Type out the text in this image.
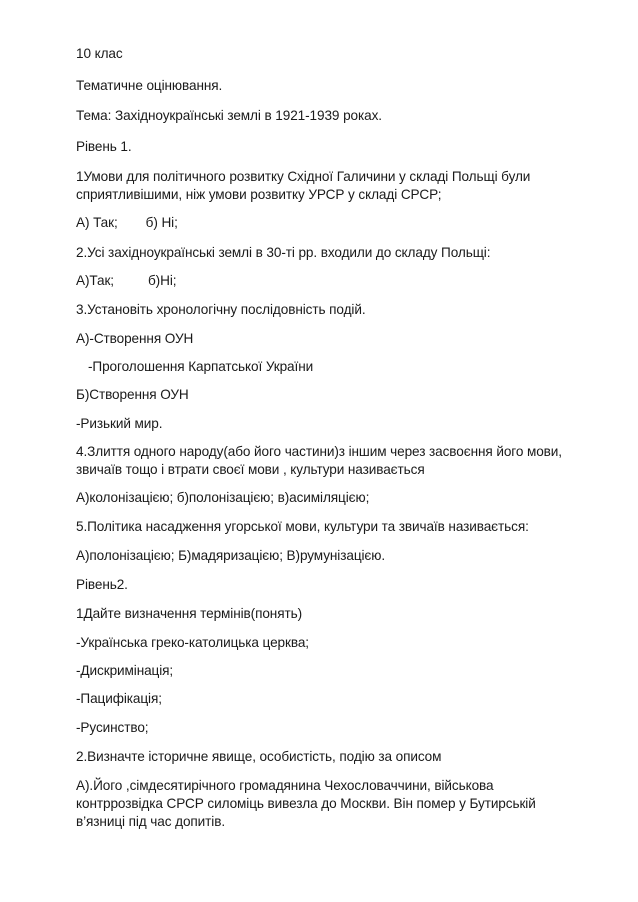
10 клас
Тематичне оцінювання.
Тема: Західноукраїнські землі в 1921-1939 роках.
Рівень 1.
1Умови для політичного розвитку Східної Галичини у складі Польщі були
сприятливішими, ніж умови розвитку УРСР у складі СРСР;
А) Так; б) Ні;
2.Усі західноукраїнські землі в 30-ті рр. входили до складу Польщі:
А)Так;	б)Ні;
3.Установіть хронологічну послідовність подій.
А)-Створення ОУН
-Проголошення Карпатської України
Б)Створення ОУН
-Ризький мир.
4.Злиття одного народу(або його частини)з іншим через засвоєння його мови,
звичаїв тощо і втрати своєї мови , культури називається
А)колонізацією; б)полонізацією; в)асиміляцією;
5.Політика насадження угорської мови, культури та звичаїв називається:
А)полонізацією; Б)мадяризацією; В)румунізацією.
Рівень2.
1Дайте визначення термінів(понять)
-Українська греко-католицька церква;
-Дискримінація;
-Пацифікація;
-Русинство;
2.Визначте історичне явище, особистість, подію за описом
А).Його ,сімдесятирічного громадянина Чехословаччини, військова
контррозвідка СРСР силоміць вивезла до Москви. Він помер у Бутирській
в’язниці під час допитів.
